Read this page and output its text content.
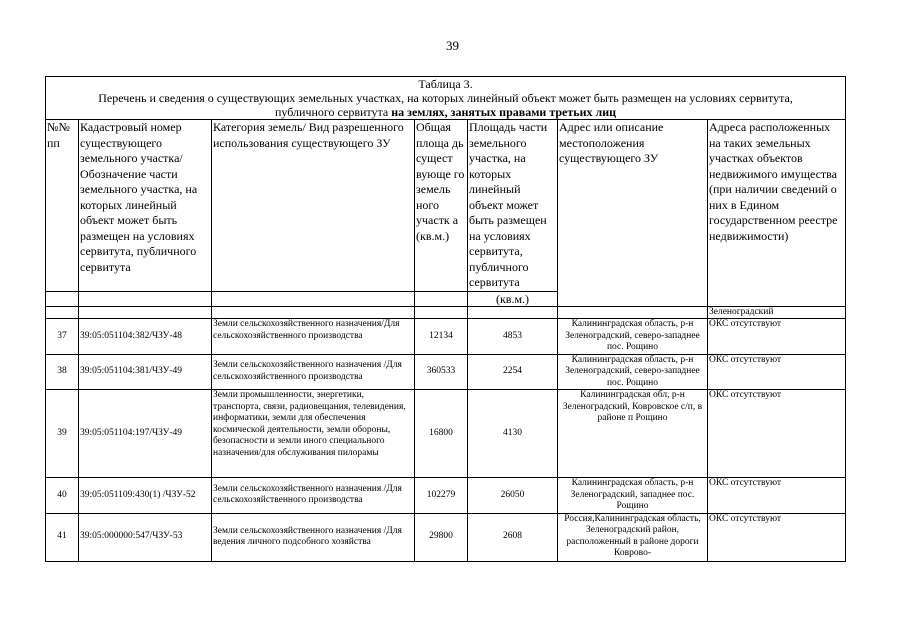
39
Таблица 3.
Перечень и сведения о существующих земельных участках, на которых линейный объект может быть размещен на условиях сервитута,
публичного сервитута на землях, занятых правами третьих лиц						

№№ пп	Кадастровый номер существующего земельного участка/ Обозначение части земельного участка, на которых линейный объект может быть размещен на условиях сервитута, публичного сервитута	Категория земель/ Вид разрешенного использования существующего ЗУ	Общая площа дь сущест вующе го земель ного участк а (кв.м.)	Площадь части земельного участка, на которых линейный объект может быть размещен на условиях сервитута, публичного сервитута	Адрес или описание местоположения существующего ЗУ	Адреса расположенных на таких земельных участках объектов недвижимого имущества (при наличии сведений о них в Едином государственном реестре недвижимости)
				(кв.м.)		
						Зеленоградский
37	39:05:051104:382/ЧЗУ-48	Земли сельскохозяйственного назначения/Для сельскохозяйственного производства	12134	4853	Калининградская область, р-н Зеленоградский, северо-западнее пос. Рощино	ОКС отсутствуют
38	39:05:051104:381/ЧЗУ-49	Земли сельскохозяйственного назначения /Для сельскохозяйственного производства	360533	2254	Калининградская область, р-н Зеленоградский, северо-западнее пос. Рощино	ОКС отсутствуют
39	39:05:051104:197/ЧЗУ-49	Земли промышленности, энергетики, транспорта, связи, радиовещания, телевидения, информатики, земли для обеспечения космической деятельности, земли обороны, безопасности и земли иного специального назначения/для обслуживания пилорамы	16800	4130	Калининградская обл, р-н Зеленоградский, Ковровское с/п, в районе п Рощино	ОКС отсутствуют
40	39:05:051109:430(1) /ЧЗУ-52	Земли сельскохозяйственного назначения /Для сельскохозяйственного производства	102279	26050	Калининградская область, р-н Зеленоградский, западнее пос. Рощино	ОКС отсутствуют
41	39:05:000000:547/ЧЗУ-53	Земли сельскохозяйственного назначения /Для ведения личного подсобного хозяйства	29800	2608	Россия,Калининградская область, Зеленоградский район, расположенный в районе дороги Ковровo-	ОКС отсутствуют
